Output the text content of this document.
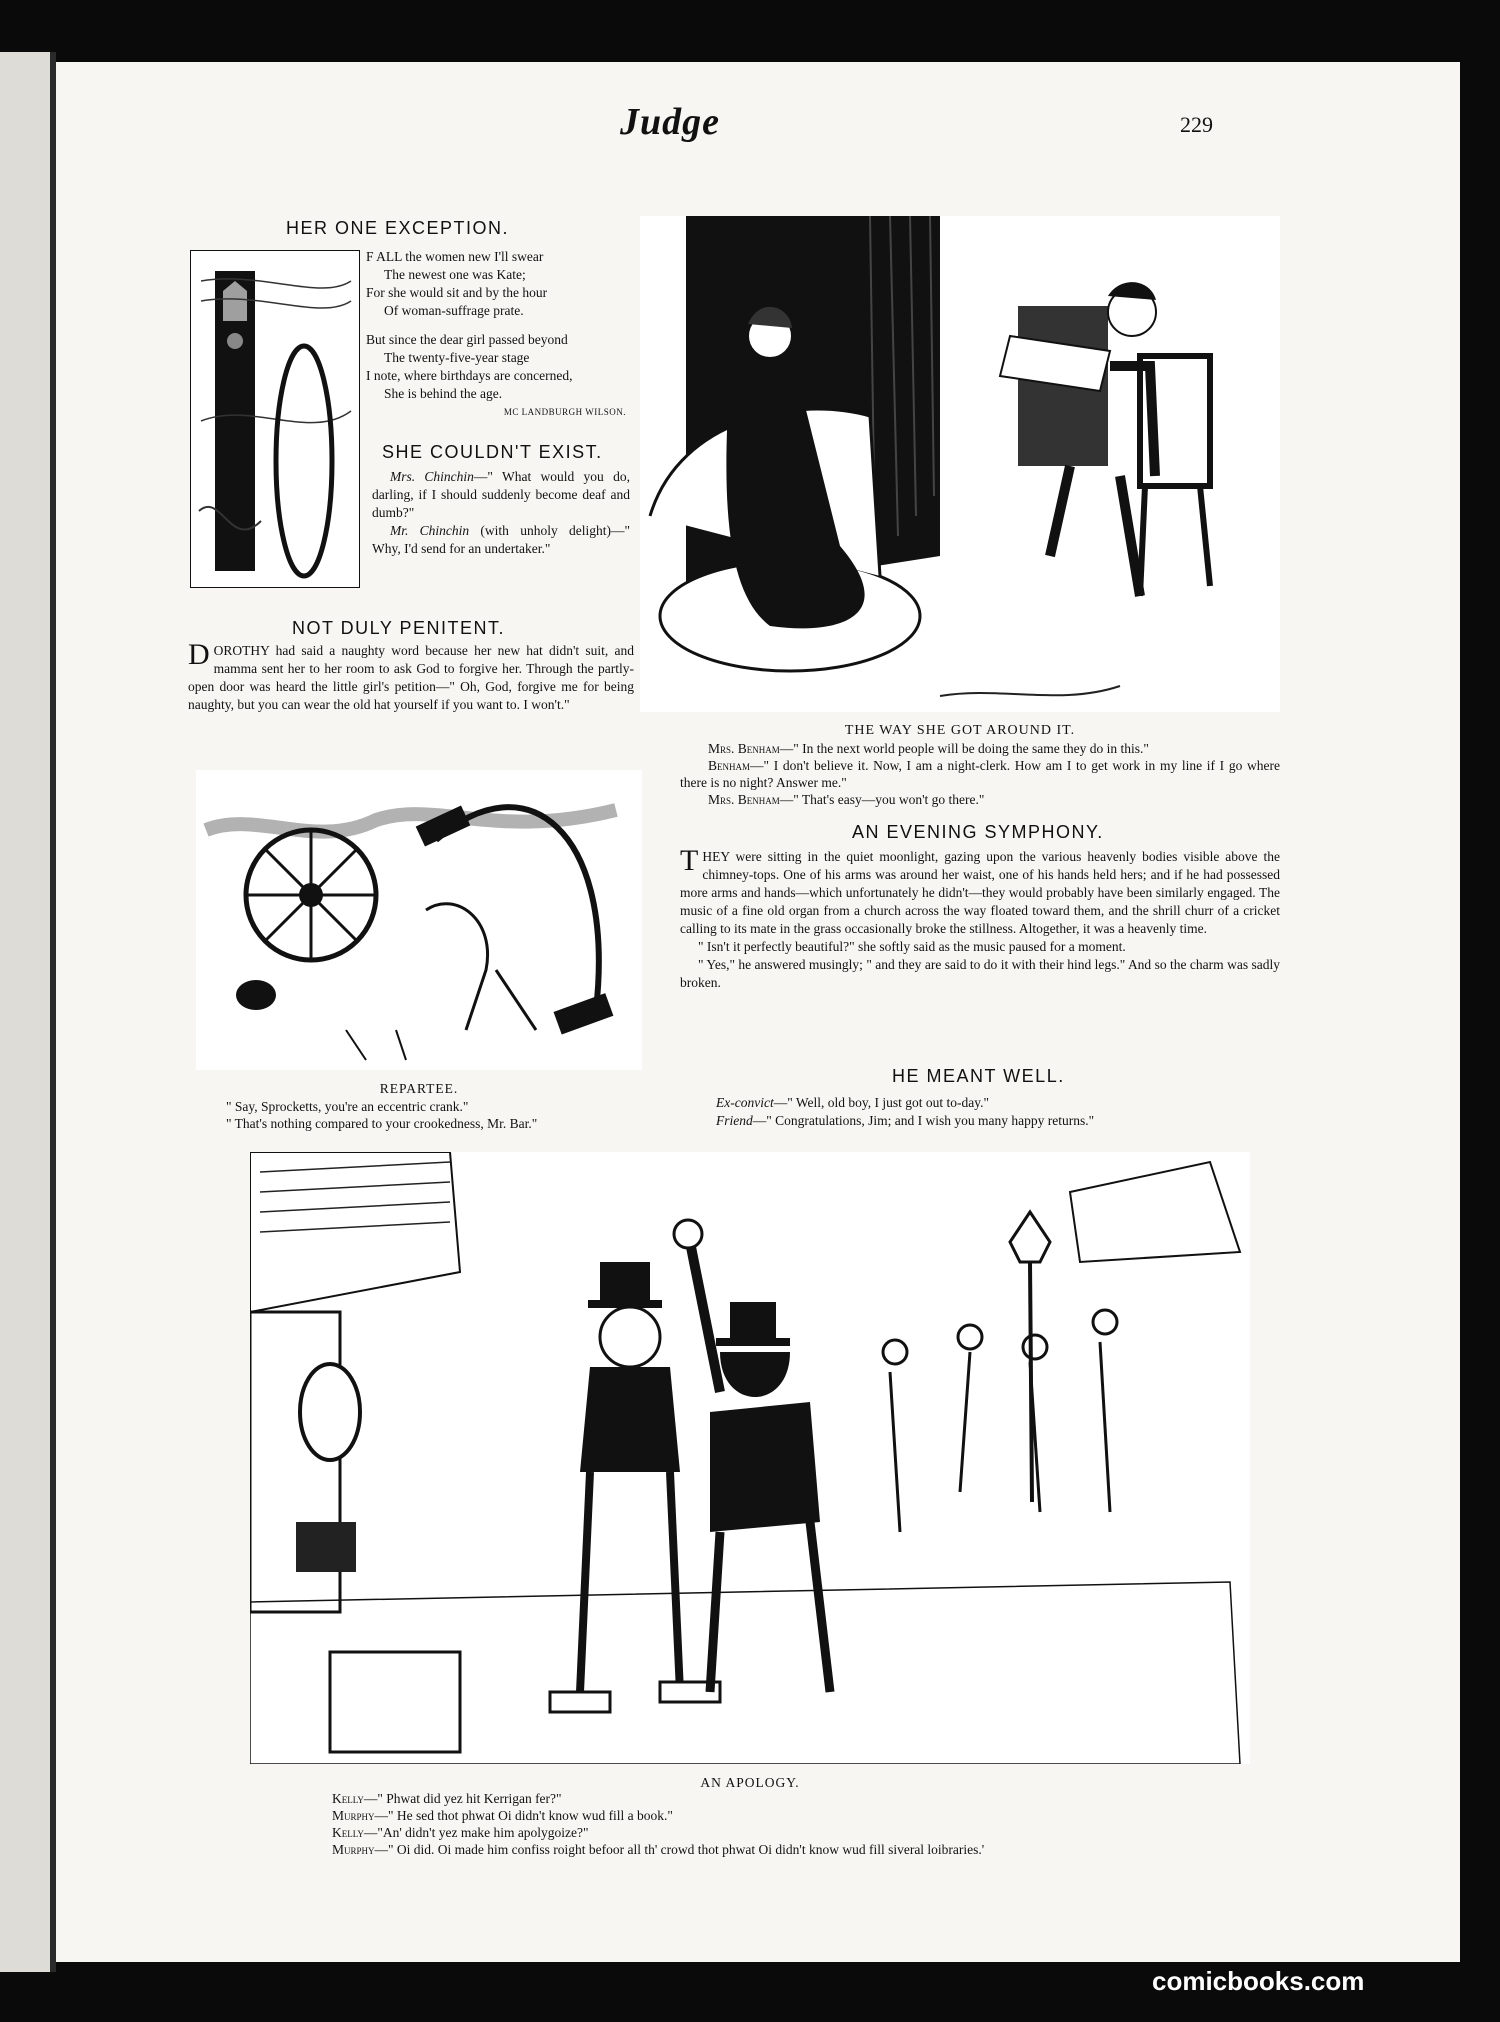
Judge	229
HER ONE EXCEPTION.

F ALL the women new I'll swear

The newest one was Kate;

For she would sit and by the hour

Of woman-suffrage prate.

But since the dear girl passed beyond

The twenty-five-year stage

I note, where birthdays are concerned,

She is behind the age.

MC LANDBURGH WILSON.

SHE COULDN'T EXIST.

Mrs. Chinchin—" What would you do, darling, if I should suddenly become deaf and dumb?"

Mr. Chinchin (with unholy delight)—" Why, I'd send for an undertaker."

NOT DULY PENITENT.
DOROTHY had said a naughty word because her new hat didn't suit, and mamma sent her to her room to ask God to forgive her. Through the partly-open door was heard the little girl's petition—" Oh, God, forgive me for being naughty, but you can wear the old hat yourself if you want to. I won't."
REPARTEE.
" Say, Sprocketts, you're an eccentric crank."
" That's nothing compared to your crookedness, Mr. Bar."
THE WAY SHE GOT AROUND IT.

Mrs. Benham—" In the next world people will be doing the same they do in this."

Benham—" I don't believe it. Now, I am a night-clerk. How am I to get work in my line if I go where there is no night? Answer me."

Mrs. Benham—" That's easy—you won't go there."

AN EVENING SYMPHONY.

THEY were sitting in the quiet moonlight, gazing upon the various heavenly bodies visible above the chimney-tops. One of his arms was around her waist, one of his hands held hers; and if he had possessed more arms and hands—which unfortunately he didn't—they would probably have been similarly engaged. The music of a fine old organ from a church across the way floated toward them, and the shrill churr of a cricket calling to its mate in the grass occasionally broke the stillness. Altogether, it was a heavenly time.

" Isn't it perfectly beautiful?" she softly said as the music paused for a moment.

" Yes," he answered musingly; " and they are said to do it with their hind legs." And so the charm was sadly broken.

HE MEANT WELL.

Ex-convict—" Well, old boy, I just got out to-day."

Friend—" Congratulations, Jim; and I wish you many happy returns."

AN APOLOGY.

Kelly—" Phwat did yez hit Kerrigan fer?"

Murphy—" He sed thot phwat Oi didn't know wud fill a book."

Kelly—"An' didn't yez make him apolygoize?"

Murphy—" Oi did. Oi made him confiss roight befoor all th' crowd thot phwat Oi didn't know wud fill siveral loibraries.'

comicbooks.com
